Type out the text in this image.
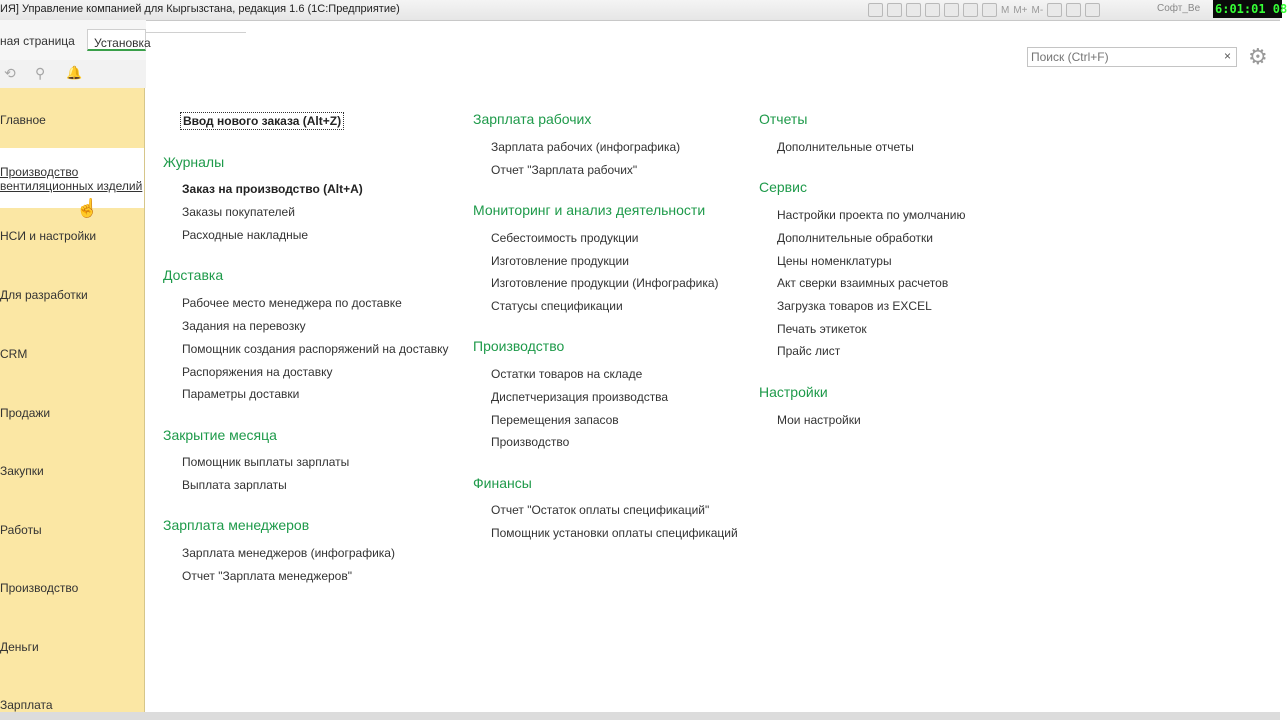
ИЯ] Управление компанией для Кыргызстана, редакция 1.6 (1С:Предприятие)	M M+ M-	Софт_Ве 6:01:01 08
ная страница	Установка
⟲ ⚲ 🔔
Главное
Производство
вентиляционных изделий
НСИ и настройки
Для разработки
CRM
Продажи
Закупки
Работы
Производство
Деньги
Зарплата
☝
Поиск (Ctrl+F)
× ⚙
Ввод нового заказа (Alt+Z)
Журналы
Заказ на производство (Alt+A)
Заказы покупателей
Расходные накладные
Доставка
Рабочее место менеджера по доставке
Задания на перевозку
Помощник создания распоряжений на доставку
Распоряжения на доставку
Параметры доставки
Закрытие месяца
Помощник выплаты зарплаты
Выплата зарплаты
Зарплата менеджеров
Зарплата менеджеров (инфографика)
Отчет "Зарплата менеджеров"
Зарплата рабочих
Зарплата рабочих (инфографика)
Отчет "Зарплата рабочих"
Мониторинг и анализ деятельности
Себестоимость продукции
Изготовление продукции
Изготовление продукции (Инфографика)
Статусы спецификации
Производство
Остатки товаров на складе
Диспетчеризация производства
Перемещения запасов
Производство
Финансы
Отчет "Остаток оплаты спецификаций"
Помощник установки оплаты спецификаций
Отчеты
Дополнительные отчеты
Сервис
Настройки проекта по умолчанию
Дополнительные обработки
Цены номенклатуры
Акт сверки взаимных расчетов
Загрузка товаров из EXCEL
Печать этикеток
Прайс лист
Настройки
Мои настройки
